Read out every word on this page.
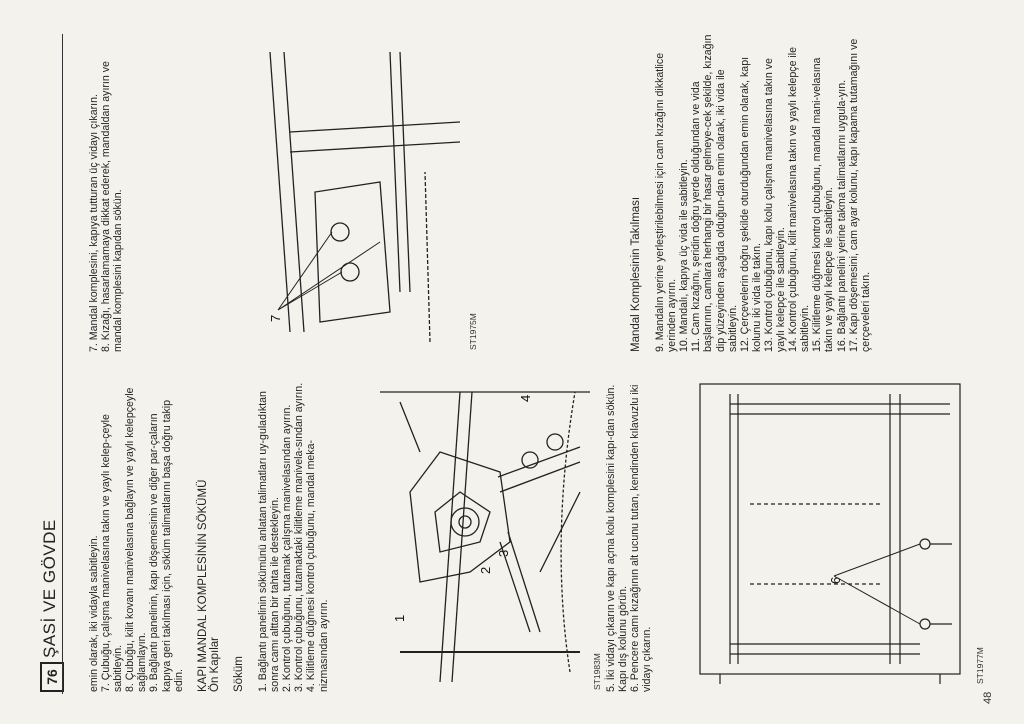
76
ŞASİ VE GÖVDE	emin olarak, iki vidayla sabitleyin. 7. Çubuğu, çalışma manivelasına takın ve yaylı kelep-çeyle sabitleyin. 8. Çubuğu, kilit kovanı manivelasına bağlayın ve yaylı kelepçeyle sağlamlayın. 9. Bağlantı panelinin, kapı döşemesinin ve diğer par-çaların kapıya geri takılması için, söküm talimatlarını başa doğru takip edin. KAPI MANDAL KOMPLESİNİN SÖKÜMÜ Ön Kapılar Söküm 1. Bağlantı panelinin sökümünü anlatan talimatları uy-guladıktan sonra camı alttan bir tahta ile destekleyin. 2. Kontrol çubuğunu, tutamak çalışma manivelasından ayırın. 3. Kontrol çubuğunu, tutamaktaki kilitleme manivela-sından ayırın. 4. Kilitleme düğmesi kontrol çubuğunu, mandal meka-nizmasından ayırın.

7. Mandal komplesini, kapıya tutturan üç vidayı çıkarın. 8. Kızağı, hasarlamamaya dikkat ederek, mandaldan ayırın ve mandal komplesini kapıdan sökün.	Mandal Komplesinin Takılması 9. Mandalın yerine yerleştirilebilmesi için cam kızağını dikkatlice yerinden ayırın. 10. Mandalı, kapıya üç vida ile sabitleyin. 11. Cam kızağını, şeridin doğru yerde olduğundan ve vida başlarının, camlara herhangi bir hasar gelmeye-cek şekilde, kızağın dip yüzeyinden aşağıda olduğun-dan emin olarak, iki vida ile sabitleyin. 12. Çerçevelerin doğru şekilde oturduğundan emin olarak, kapı kolunu iki vida ile takın. 13. Kontrol çubuğunu, kapı kolu çalışma manivelasına takın ve yaylı kelepçe ile sabitleyin. 14. Kontrol çubuğunu, kilit manivelasına takın ve yaylı kelepçe ile sabitleyin. 15. Kilitleme düğmesi kontrol çubuğunu, mandal mani-velasına takın ve yaylı kelepçe ile sabitleyin. 16. Bağlantı panelini yerine takma talimatlarını uygula-yın. 17. Kapı döşemesini, cam ayar kolunu, kapı kapama tutamağını ve çerçeveleri takın.

1
2
3
4
ST1983M 5. İki vidayı çıkarın ve kapı açma kolu komplesini kapı-dan sökün. Kapı dış kolunu görün. 6. Pencere camı kızağının alt ucunu tutan, kendinden kılavuzlu iki vidayı çıkarın.

6
ST1977M
7	ST1975M
48
